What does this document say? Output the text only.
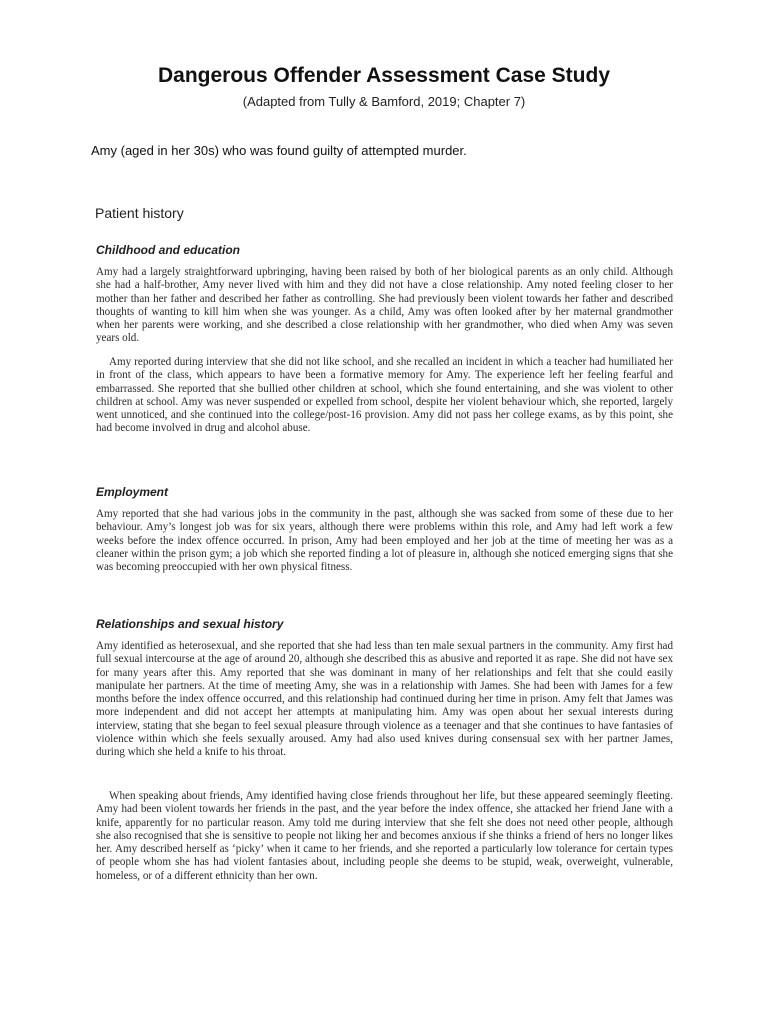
Dangerous Offender Assessment Case Study
(Adapted from Tully & Bamford, 2019; Chapter 7)
Amy (aged in her 30s) who was found guilty of attempted murder.
Patient history
Childhood and education

Amy had a largely straightforward upbringing, having been raised by both of her biological parents as an only child. Although she had a half-brother, Amy never lived with him and they did not have a close relationship. Amy noted feeling closer to her mother than her father and described her father as controlling. She had previously been violent towards her father and described thoughts of wanting to kill him when she was younger. As a child, Amy was often looked after by her maternal grandmother when her parents were working, and she described a close relationship with her grandmother, who died when Amy was seven years old.

Amy reported during interview that she did not like school, and she recalled an incident in which a teacher had humiliated her in front of the class, which appears to have been a formative memory for Amy. The experience left her feeling fearful and embarrassed. She reported that she bullied other children at school, which she found entertaining, and she was violent to other children at school. Amy was never suspended or expelled from school, despite her violent behaviour which, she reported, largely went unnoticed, and she continued into the college/post-16 provision. Amy did not pass her college exams, as by this point, she had become involved in drug and alcohol abuse.

Employment

Amy reported that she had various jobs in the community in the past, although she was sacked from some of these due to her behaviour. Amy’s longest job was for six years, although there were problems within this role, and Amy had left work a few weeks before the index offence occurred. In prison, Amy had been employed and her job at the time of meeting her was as a cleaner within the prison gym; a job which she reported finding a lot of pleasure in, although she noticed emerging signs that she was becoming preoccupied with her own physical fitness.

Relationships and sexual history

Amy identified as heterosexual, and she reported that she had less than ten male sexual partners in the community. Amy first had full sexual intercourse at the age of around 20, although she described this as abusive and reported it as rape. She did not have sex for many years after this. Amy reported that she was dominant in many of her relationships and felt that she could easily manipulate her partners. At the time of meeting Amy, she was in a relationship with James. She had been with James for a few months before the index offence occurred, and this relationship had continued during her time in prison. Amy felt that James was more independent and did not accept her attempts at manipulating him. Amy was open about her sexual interests during interview, stating that she began to feel sexual pleasure through violence as a teenager and that she continues to have fantasies of violence within which she feels sexually aroused. Amy had also used knives during consensual sex with her partner James, during which she held a knife to his throat.

When speaking about friends, Amy identified having close friends throughout her life, but these appeared seemingly fleeting. Amy had been violent towards her friends in the past, and the year before the index offence, she attacked her friend Jane with a knife, apparently for no particular reason. Amy told me during interview that she felt she does not need other people, although she also recognised that she is sensitive to people not liking her and becomes anxious if she thinks a friend of hers no longer likes her. Amy described herself as ‘picky’ when it came to her friends, and she reported a particularly low tolerance for certain types of people whom she has had violent fantasies about, including people she deems to be stupid, weak, overweight, vulnerable, homeless, or of a different ethnicity than her own.
